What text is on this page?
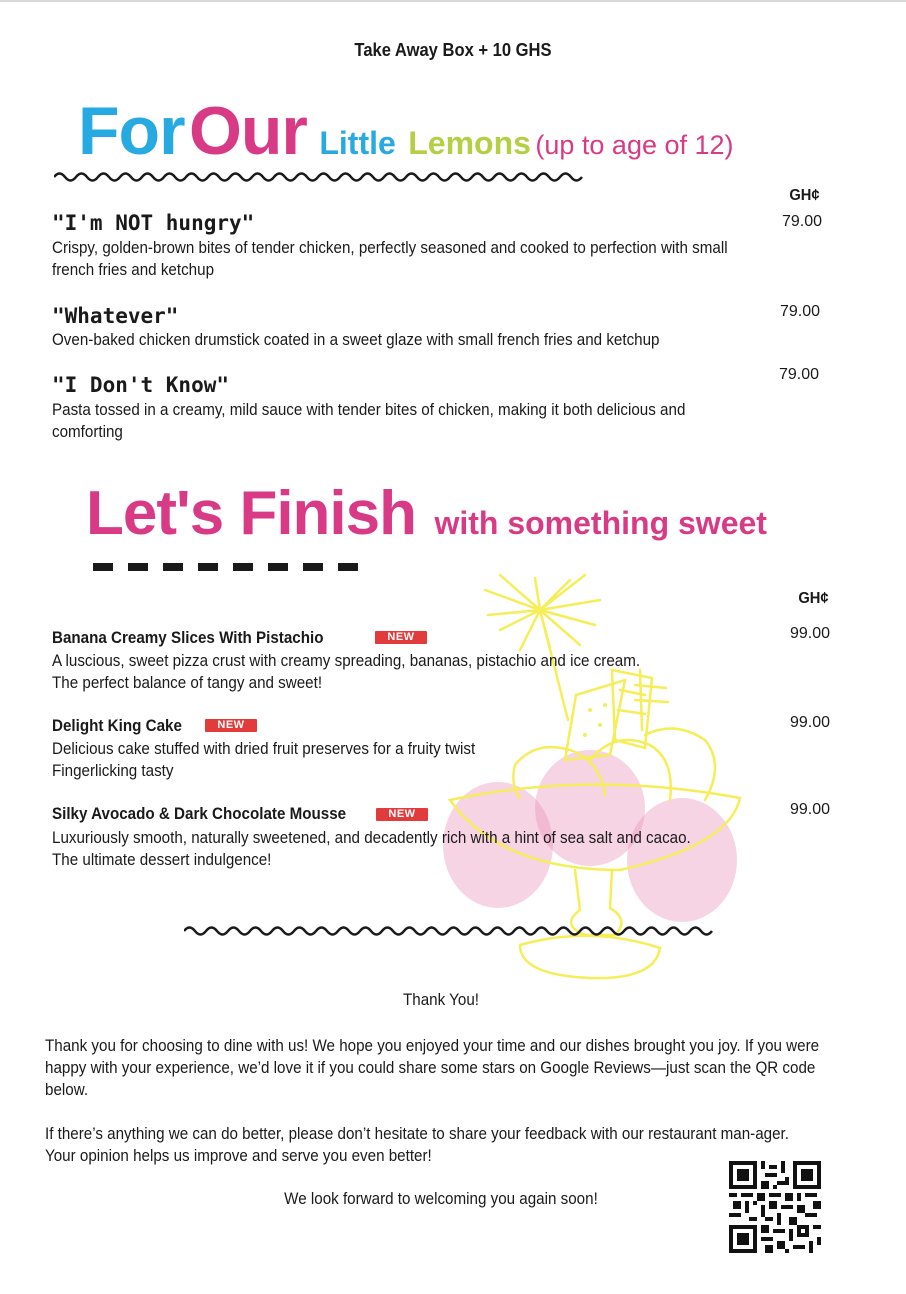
Take Away Box + 10 GHS
For Our Little Lemons (up to age of 12)
GH¢
"I'm NOT hungry"
Crispy, golden-brown bites of tender chicken, perfectly seasoned and cooked to perfection with small french fries and ketchup
79.00
"Whatever"
Oven-baked chicken drumstick coated in a sweet glaze with small french fries and ketchup
79.00
"I Don't Know"
Pasta tossed in a creamy, mild sauce with tender bites of chicken, making it both delicious and comforting
79.00
Let's Finish with something sweet
GH¢
Banana Creamy Slices With Pistachio	NEW
A luscious, sweet pizza crust with creamy spreading, bananas, pistachio and ice cream.
The perfect balance of tangy and sweet!
99.00
Delight King Cake	NEW
Delicious cake stuffed with dried fruit preserves for a fruity twist
Fingerlicking tasty
99.00
Silky Avocado & Dark Chocolate Mousse	NEW
Luxuriously smooth, naturally sweetened, and decadently rich with a hint of sea salt and cacao.
The ultimate dessert indulgence!
99.00
Thank You!
Thank you for choosing to dine with us! We hope you enjoyed your time and our dishes brought you joy. If you were happy with your experience, we’d love it if you could share some stars on Google Reviews—just scan the QR code below.
If there’s anything we can do better, please don’t hesitate to share your feedback with our restaurant man-ager. Your opinion helps us improve and serve you even better!
We look forward to welcoming you again soon!
